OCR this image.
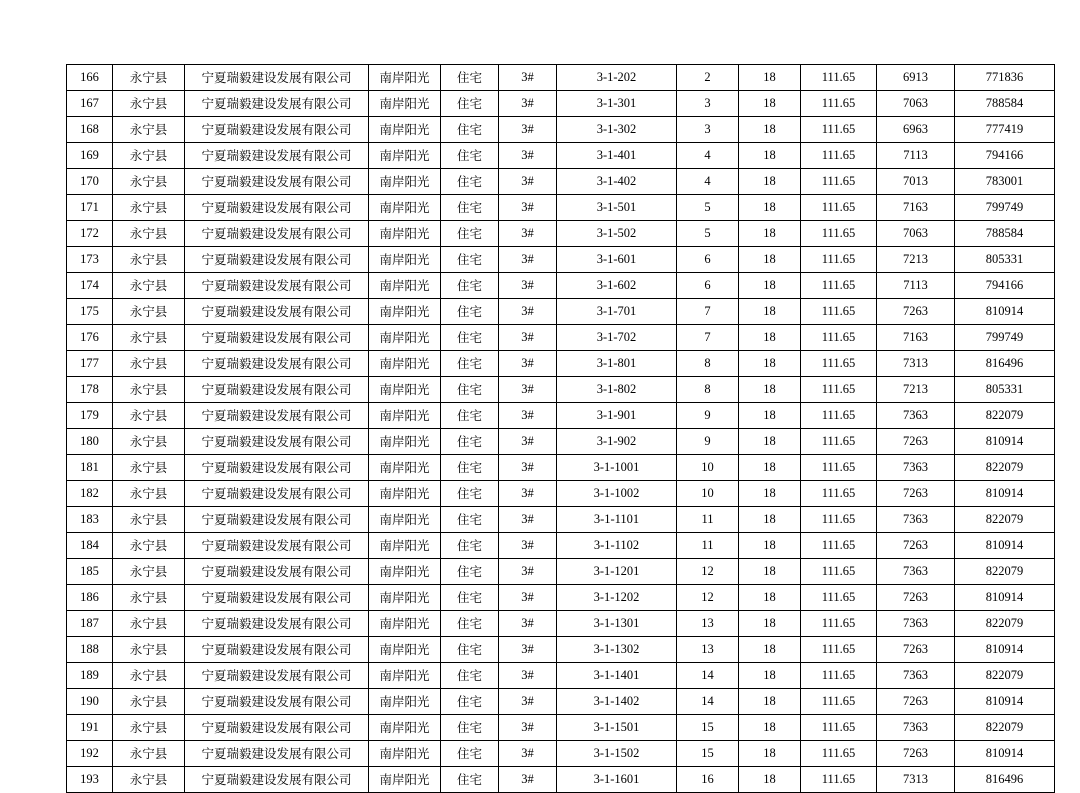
166	永宁县	宁夏瑞毅建设发展有限公司	南岸阳光	住宅	3#	3-1-202	2	18	111.65	6913	771836
167	永宁县	宁夏瑞毅建设发展有限公司	南岸阳光	住宅	3#	3-1-301	3	18	111.65	7063	788584
168	永宁县	宁夏瑞毅建设发展有限公司	南岸阳光	住宅	3#	3-1-302	3	18	111.65	6963	777419
169	永宁县	宁夏瑞毅建设发展有限公司	南岸阳光	住宅	3#	3-1-401	4	18	111.65	7113	794166
170	永宁县	宁夏瑞毅建设发展有限公司	南岸阳光	住宅	3#	3-1-402	4	18	111.65	7013	783001
171	永宁县	宁夏瑞毅建设发展有限公司	南岸阳光	住宅	3#	3-1-501	5	18	111.65	7163	799749
172	永宁县	宁夏瑞毅建设发展有限公司	南岸阳光	住宅	3#	3-1-502	5	18	111.65	7063	788584
173	永宁县	宁夏瑞毅建设发展有限公司	南岸阳光	住宅	3#	3-1-601	6	18	111.65	7213	805331
174	永宁县	宁夏瑞毅建设发展有限公司	南岸阳光	住宅	3#	3-1-602	6	18	111.65	7113	794166
175	永宁县	宁夏瑞毅建设发展有限公司	南岸阳光	住宅	3#	3-1-701	7	18	111.65	7263	810914
176	永宁县	宁夏瑞毅建设发展有限公司	南岸阳光	住宅	3#	3-1-702	7	18	111.65	7163	799749
177	永宁县	宁夏瑞毅建设发展有限公司	南岸阳光	住宅	3#	3-1-801	8	18	111.65	7313	816496
178	永宁县	宁夏瑞毅建设发展有限公司	南岸阳光	住宅	3#	3-1-802	8	18	111.65	7213	805331
179	永宁县	宁夏瑞毅建设发展有限公司	南岸阳光	住宅	3#	3-1-901	9	18	111.65	7363	822079
180	永宁县	宁夏瑞毅建设发展有限公司	南岸阳光	住宅	3#	3-1-902	9	18	111.65	7263	810914
181	永宁县	宁夏瑞毅建设发展有限公司	南岸阳光	住宅	3#	3-1-1001	10	18	111.65	7363	822079
182	永宁县	宁夏瑞毅建设发展有限公司	南岸阳光	住宅	3#	3-1-1002	10	18	111.65	7263	810914
183	永宁县	宁夏瑞毅建设发展有限公司	南岸阳光	住宅	3#	3-1-1101	11	18	111.65	7363	822079
184	永宁县	宁夏瑞毅建设发展有限公司	南岸阳光	住宅	3#	3-1-1102	11	18	111.65	7263	810914
185	永宁县	宁夏瑞毅建设发展有限公司	南岸阳光	住宅	3#	3-1-1201	12	18	111.65	7363	822079
186	永宁县	宁夏瑞毅建设发展有限公司	南岸阳光	住宅	3#	3-1-1202	12	18	111.65	7263	810914
187	永宁县	宁夏瑞毅建设发展有限公司	南岸阳光	住宅	3#	3-1-1301	13	18	111.65	7363	822079
188	永宁县	宁夏瑞毅建设发展有限公司	南岸阳光	住宅	3#	3-1-1302	13	18	111.65	7263	810914
189	永宁县	宁夏瑞毅建设发展有限公司	南岸阳光	住宅	3#	3-1-1401	14	18	111.65	7363	822079
190	永宁县	宁夏瑞毅建设发展有限公司	南岸阳光	住宅	3#	3-1-1402	14	18	111.65	7263	810914
191	永宁县	宁夏瑞毅建设发展有限公司	南岸阳光	住宅	3#	3-1-1501	15	18	111.65	7363	822079
192	永宁县	宁夏瑞毅建设发展有限公司	南岸阳光	住宅	3#	3-1-1502	15	18	111.65	7263	810914
193	永宁县	宁夏瑞毅建设发展有限公司	南岸阳光	住宅	3#	3-1-1601	16	18	111.65	7313	816496
